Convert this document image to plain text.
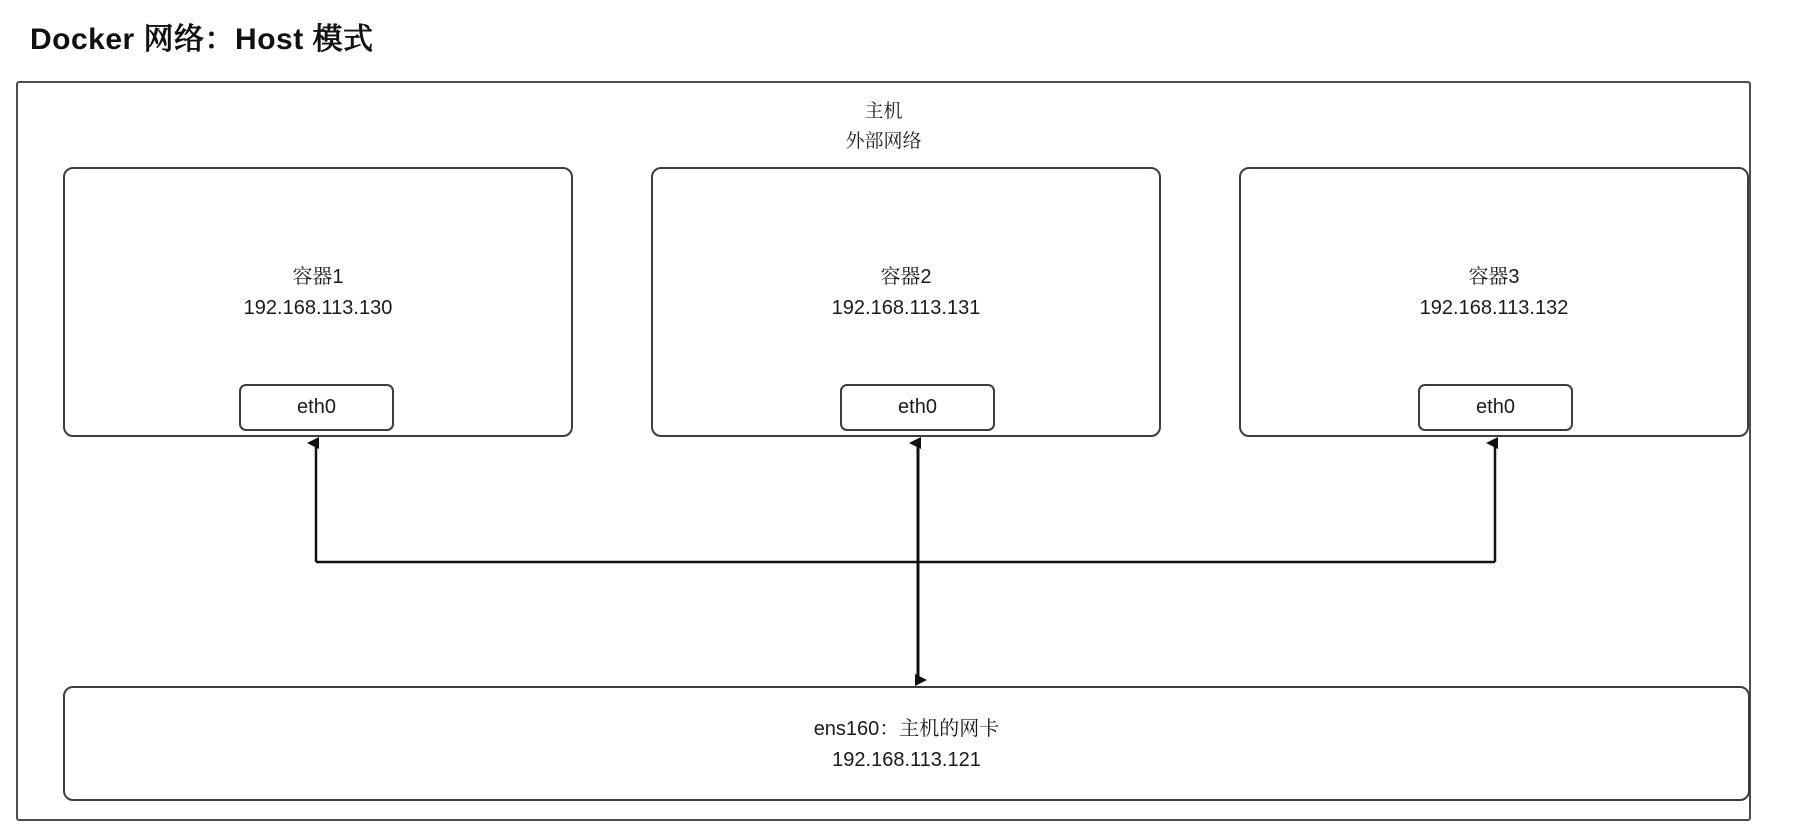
Docker 网络：Host 模式
主机
外部网络
容器1
192.168.113.130
容器2
192.168.113.131
容器3
192.168.113.132
eth0	eth0	eth0
ens160：主机的网卡
192.168.113.121
